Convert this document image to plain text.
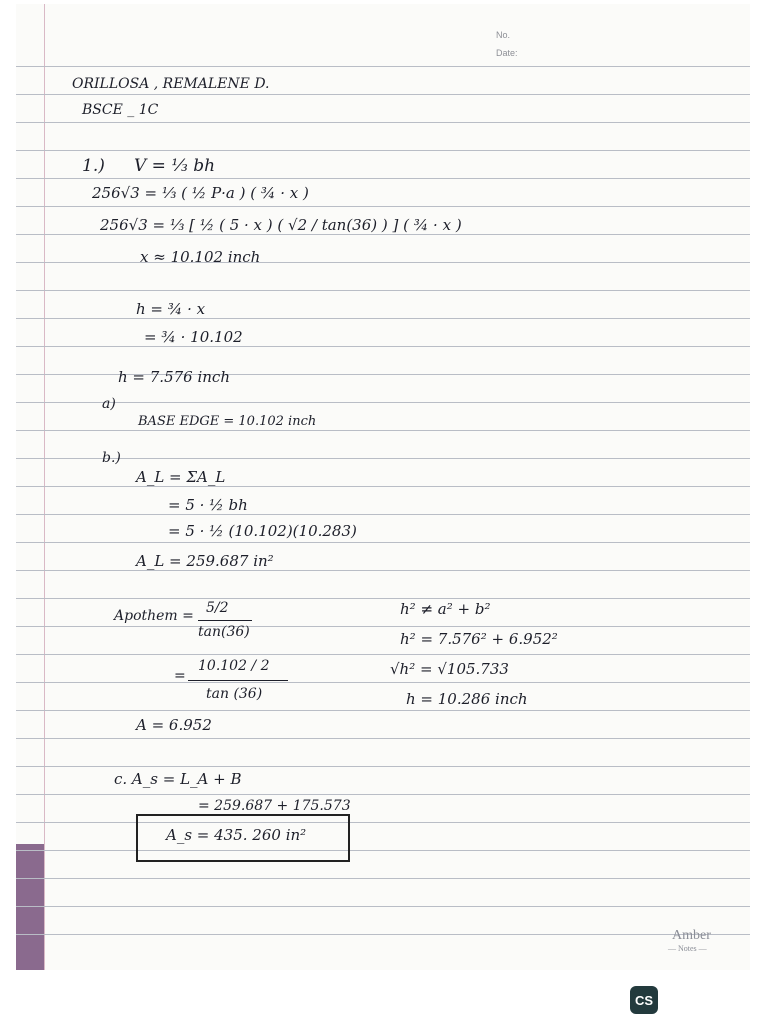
No.
Date:
ORILLOSA , REMALENE D.
BSCE _ 1C
1.) V = ⅓ bh
256√3 = ⅓ ( ½ P·a ) ( ¾ · x )
256√3 = ⅓ [ ½ ( 5 · x ) ( √2 / tan(36) ) ] ( ¾ · x )
x ≈ 10.102 inch
h = ¾ · x
= ¾ · 10.102
h = 7.576 inch
a)
BASE EDGE = 10.102 inch
b.)
A_L = ΣA_L
= 5 · ½ bh
= 5 · ½ (10.102)(10.283)
A_L = 259.687 in²
Apothem = 5/2
tan(36)
=
10.102 / 2
tan (36)
A = 6.952
h² ≠ a² + b²
h² = 7.576² + 6.952²
√h² = √105.733
h = 10.286 inch
c. A_s = L_A + B
= 259.687 + 175.573
A_s = 435. 260 in²
Amber
— Notes —
CS
